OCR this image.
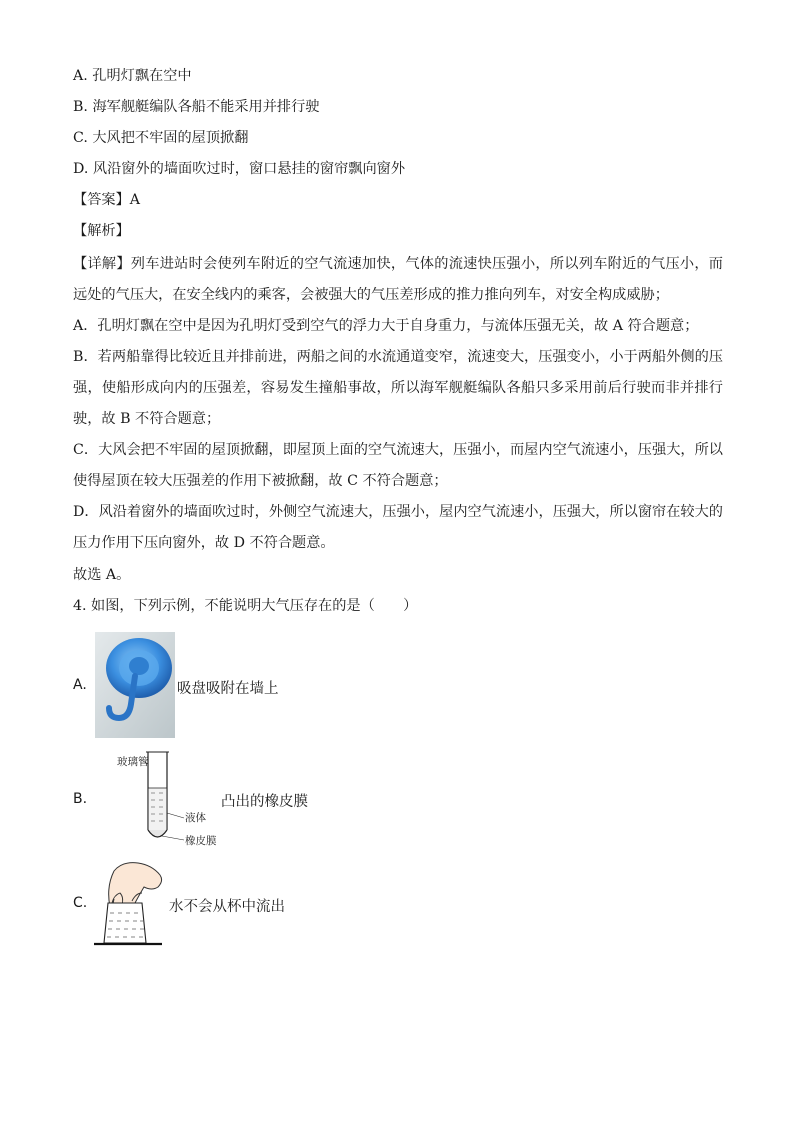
A. 孔明灯飘在空中
B. 海军舰艇编队各船不能采用并排行驶
C. 大风把不牢固的屋顶掀翻
D. 风沿窗外的墙面吹过时，窗口悬挂的窗帘飘向窗外
【答案】A
【解析】
【详解】列车进站时会使列车附近的空气流速加快，气体的流速快压强小，所以列车附近的气压小，而远处的气压大，在安全线内的乘客，会被强大的气压差形成的推力推向列车，对安全构成威胁；
A．孔明灯飘在空中是因为孔明灯受到空气的浮力大于自身重力，与流体压强无关，故 A 符合题意；
B．若两船靠得比较近且并排前进，两船之间的水流通道变窄，流速变大，压强变小，小于两船外侧的压强，使船形成向内的压强差，容易发生撞船事故，所以海军舰艇编队各船只多采用前后行驶而非并排行驶，故 B 不符合题意；
C．大风会把不牢固的屋顶掀翻，即屋顶上面的空气流速大，压强小，而屋内空气流速小，压强大，所以使得屋顶在较大压强差的作用下被掀翻，故 C 不符合题意；
D．风沿着窗外的墙面吹过时，外侧空气流速大，压强小，屋内空气流速小，压强大，所以窗帘在较大的压力作用下压向窗外，故 D 不符合题意。
故选 A。
4. 如图，下列示例，不能说明大气压存在的是（　　）
A.	吸盘吸附在墙上
B.
玻璃管
液体
橡皮膜
凸出的橡皮膜
C.	水不会从杯中流出
